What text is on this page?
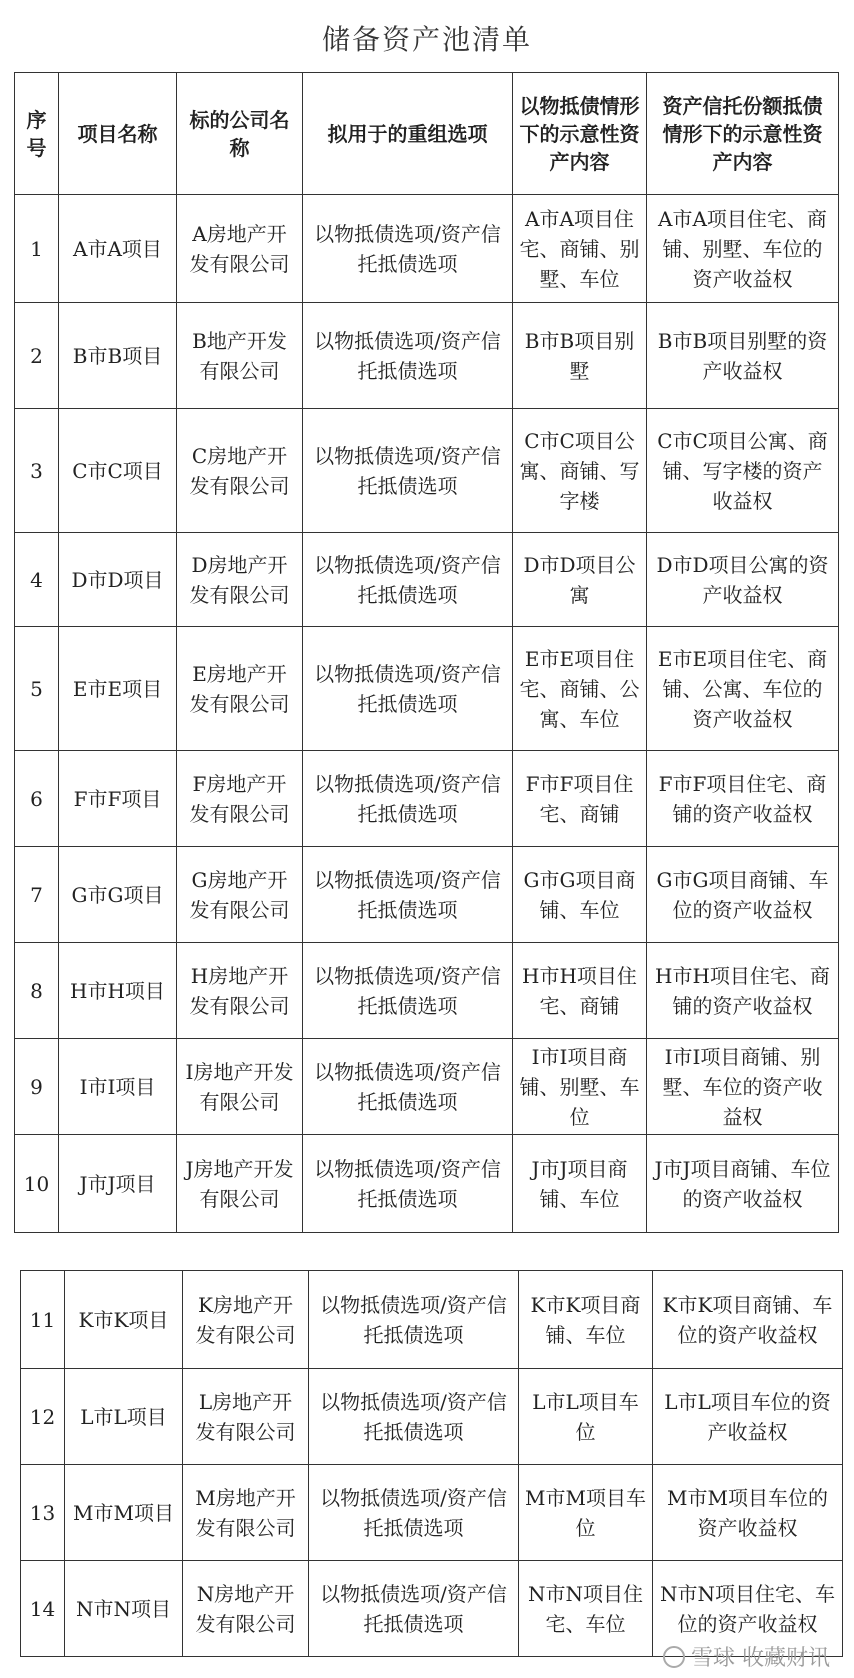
储备资产池清单
序号	项目名称	标的公司名称	拟用于的重组选项	以物抵债情形下的示意性资产内容	资产信托份额抵债情形下的示意性资产内容
1	A市A项目	A房地产开发有限公司	以物抵债选项/资产信托抵债选项	A市A项目住宅、商铺、别墅、车位	A市A项目住宅、商铺、别墅、车位的资产收益权
2	B市B项目	B地产开发有限公司	以物抵债选项/资产信托抵债选项	B市B项目别墅	B市B项目别墅的资产收益权
3	C市C项目	C房地产开发有限公司	以物抵债选项/资产信托抵债选项	C市C项目公寓、商铺、写字楼	C市C项目公寓、商铺、写字楼的资产收益权
4	D市D项目	D房地产开发有限公司	以物抵债选项/资产信托抵债选项	D市D项目公寓	D市D项目公寓的资产收益权
5	E市E项目	E房地产开发有限公司	以物抵债选项/资产信托抵债选项	E市E项目住宅、商铺、公寓、车位	E市E项目住宅、商铺、公寓、车位的资产收益权
6	F市F项目	F房地产开发有限公司	以物抵债选项/资产信托抵债选项	F市F项目住宅、商铺	F市F项目住宅、商铺的资产收益权
7	G市G项目	G房地产开发有限公司	以物抵债选项/资产信托抵债选项	G市G项目商铺、车位	G市G项目商铺、车位的资产收益权
8	H市H项目	H房地产开发有限公司	以物抵债选项/资产信托抵债选项	H市H项目住宅、商铺	H市H项目住宅、商铺的资产收益权
9	I市I项目	I房地产开发有限公司	以物抵债选项/资产信托抵债选项	I市I项目商铺、别墅、车位	I市I项目商铺、别墅、车位的资产收益权
10	J市J项目	J房地产开发有限公司	以物抵债选项/资产信托抵债选项	J市J项目商铺、车位	J市J项目商铺、车位的资产收益权
11	K市K项目	K房地产开发有限公司	以物抵债选项/资产信托抵债选项	K市K项目商铺、车位	K市K项目商铺、车位的资产收益权
12	L市L项目	L房地产开发有限公司	以物抵债选项/资产信托抵债选项	L市L项目车位	L市L项目车位的资产收益权
13	M市M项目	M房地产开发有限公司	以物抵债选项/资产信托抵债选项	M市M项目车位	M市M项目车位的资产收益权
14	N市N项目	N房地产开发有限公司	以物抵债选项/资产信托抵债选项	N市N项目住宅、车位	N市N项目住宅、车位的资产收益权
雪球 收藏财讯
